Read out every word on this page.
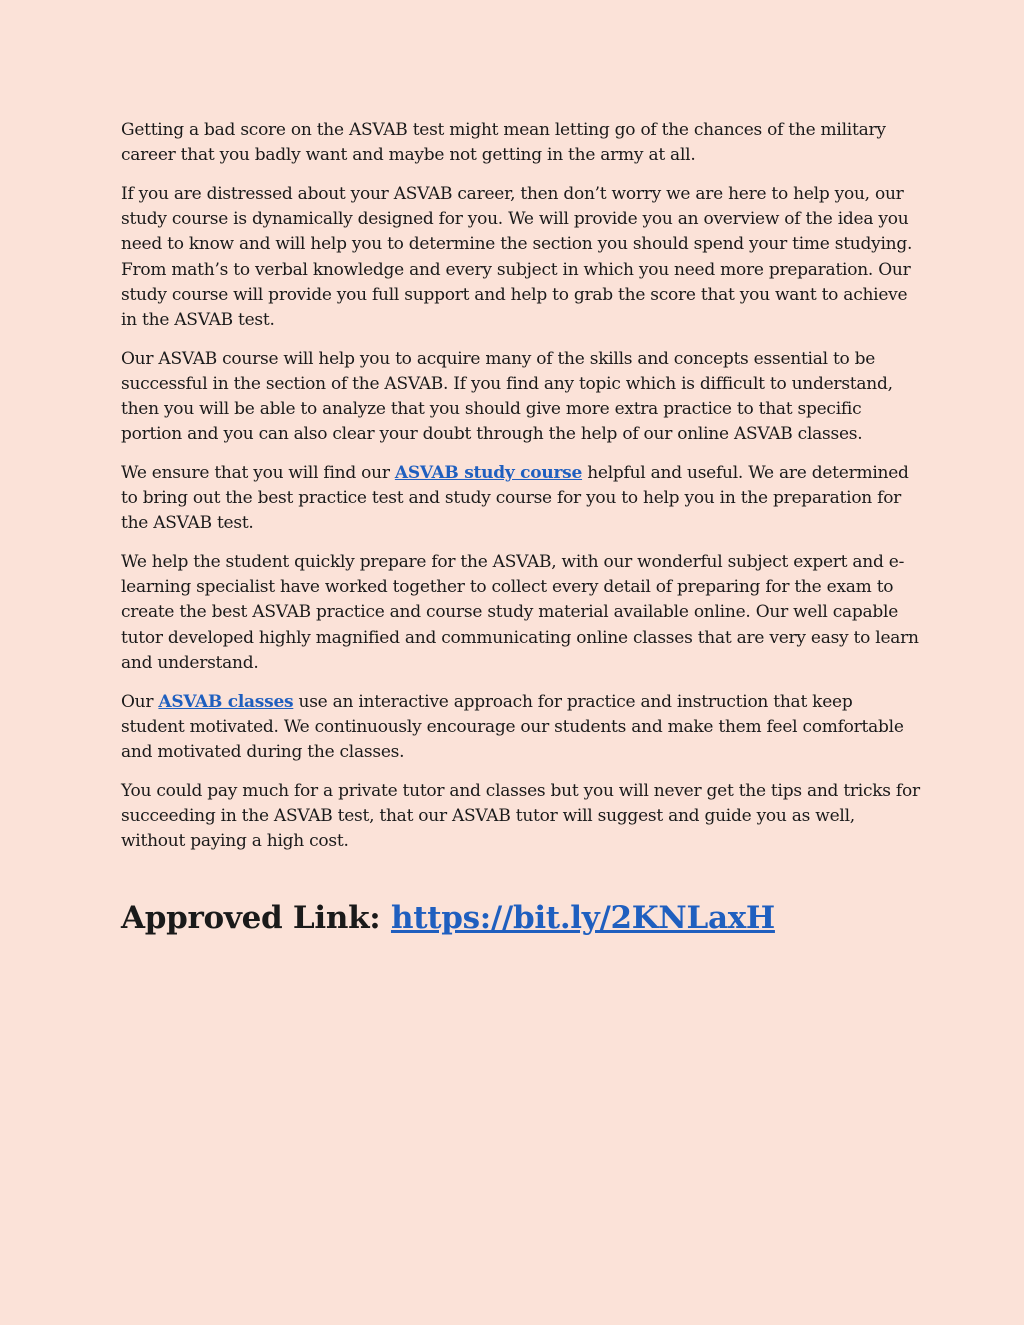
Getting a bad score on the ASVAB test might mean letting go of the chances of the military career that you badly want and maybe not getting in the army at all.

If you are distressed about your ASVAB career, then don’t worry we are here to help you, our study course is dynamically designed for you. We will provide you an overview of the idea you need to know and will help you to determine the section you should spend your time studying. From math’s to verbal knowledge and every subject in which you need more preparation. Our study course will provide you full support and help to grab the score that you want to achieve in the ASVAB test.

Our ASVAB course will help you to acquire many of the skills and concepts essential to be successful in the section of the ASVAB. If you find any topic which is difficult to understand, then you will be able to analyze that you should give more extra practice to that specific portion and you can also clear your doubt through the help of our online ASVAB classes.

We ensure that you will find our ASVAB study course helpful and useful. We are determined to bring out the best practice test and study course for you to help you in the preparation for the ASVAB test.

We help the student quickly prepare for the ASVAB, with our wonderful subject expert and e-learning specialist have worked together to collect every detail of preparing for the exam to create the best ASVAB practice and course study material available online. Our well capable tutor developed highly magnified and communicating online classes that are very easy to learn and understand.

Our ASVAB classes use an interactive approach for practice and instruction that keep student motivated. We continuously encourage our students and make them feel comfortable and motivated during the classes.

You could pay much for a private tutor and classes but you will never get the tips and tricks for succeeding in the ASVAB test, that our ASVAB tutor will suggest and guide you as well, without paying a high cost.

Approved Link: https://bit.ly/2KNLaxH
